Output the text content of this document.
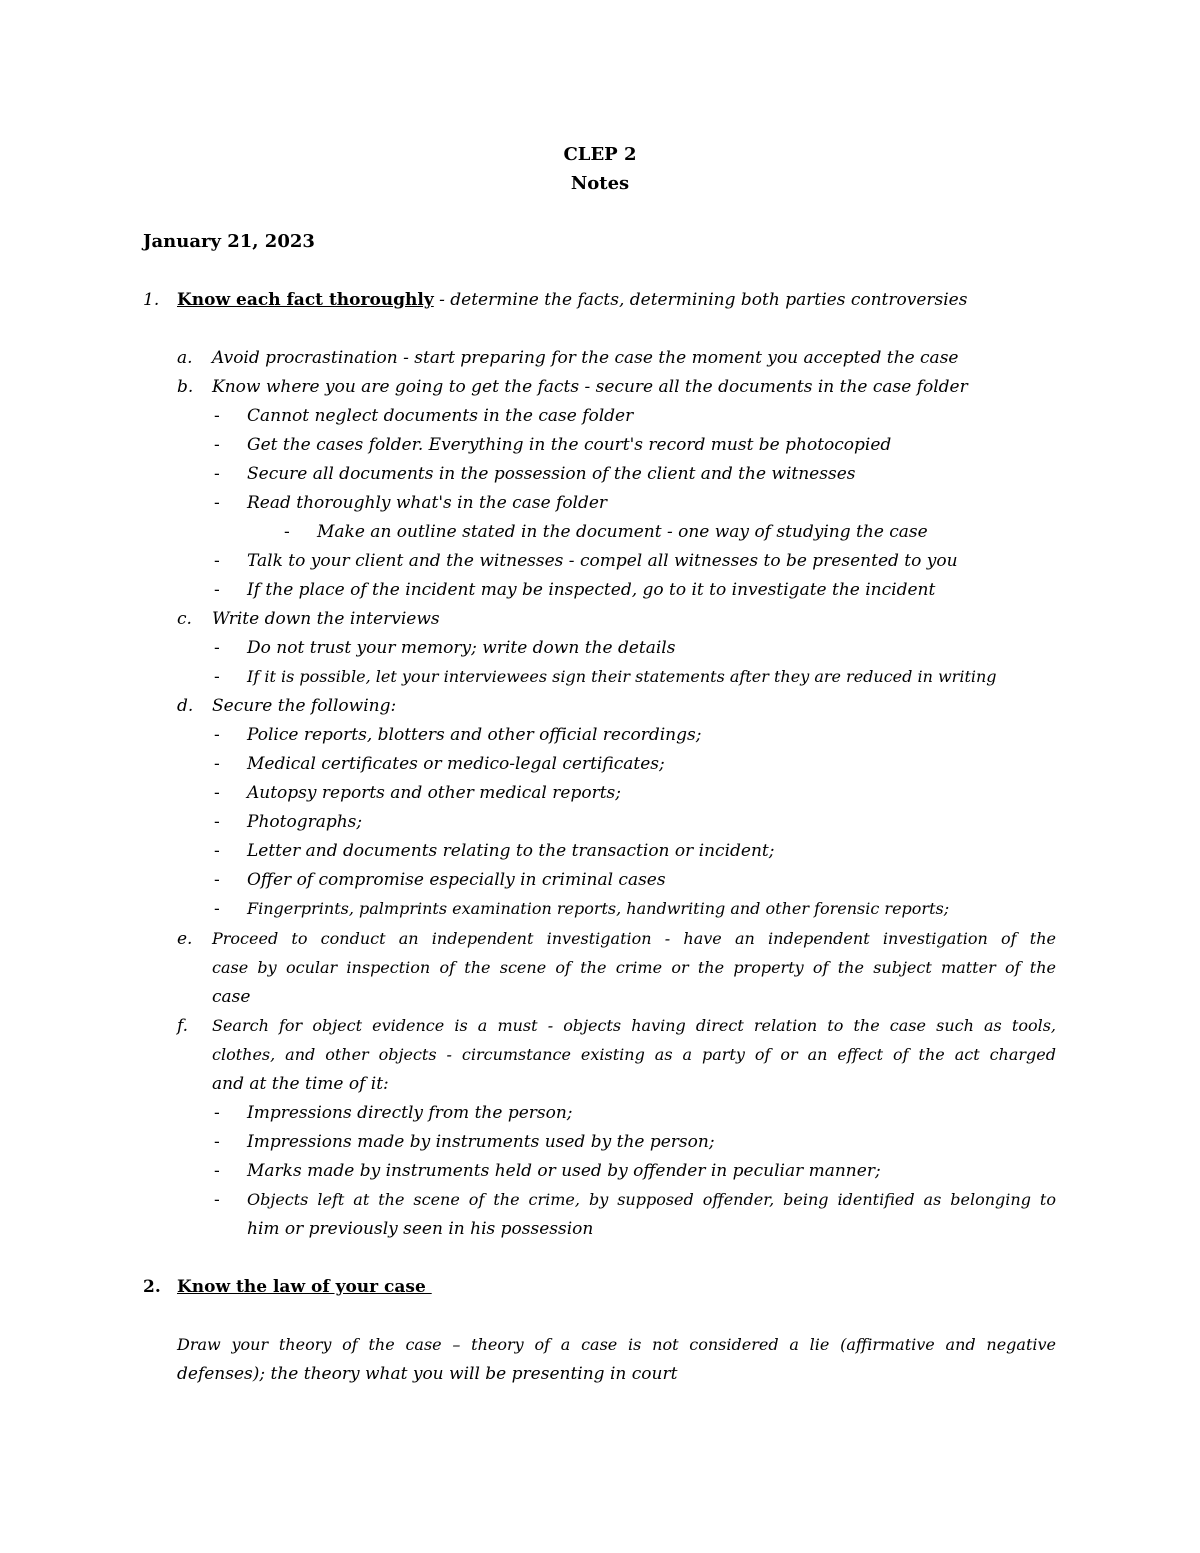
CLEP 2
Notes
January 21, 2023
1. Know each fact thoroughly - determine the facts, determining both parties controversies
a. Avoid procrastination - start preparing for the case the moment you accepted the case
b. Know where you are going to get the facts - secure all the documents in the case folder
- Cannot neglect documents in the case folder
- Get the cases folder. Everything in the court's record must be photocopied
- Secure all documents in the possession of the client and the witnesses
- Read thoroughly what's in the case folder
- Make an outline stated in the document - one way of studying the case
- Talk to your client and the witnesses - compel all witnesses to be presented to you
- If the place of the incident may be inspected, go to it to investigate the incident
c. Write down the interviews
- Do not trust your memory; write down the details
- If it is possible, let your interviewees sign their statements after they are reduced in writing
d. Secure the following:
- Police reports, blotters and other official recordings;
- Medical certificates or medico-legal certificates;
- Autopsy reports and other medical reports;
- Photographs;
- Letter and documents relating to the transaction or incident;
- Offer of compromise especially in criminal cases
- Fingerprints, palmprints examination reports, handwriting and other forensic reports;
e. Proceed to conduct an independent investigation - have an independent investigation of the
case by ocular inspection of the scene of the crime or the property of the subject matter of the
case
f. Search for object evidence is a must - objects having direct relation to the case such as tools,
clothes, and other objects - circumstance existing as a party of or an effect of the act charged
and at the time of it:
- Impressions directly from the person;
- Impressions made by instruments used by the person;
- Marks made by instruments held or used by offender in peculiar manner;
- Objects left at the scene of the crime, by supposed offender, being identified as belonging to
him or previously seen in his possession
2. Know the law of your case
Draw your theory of the case – theory of a case is not considered a lie (affirmative and negative
defenses); the theory what you will be presenting in court
